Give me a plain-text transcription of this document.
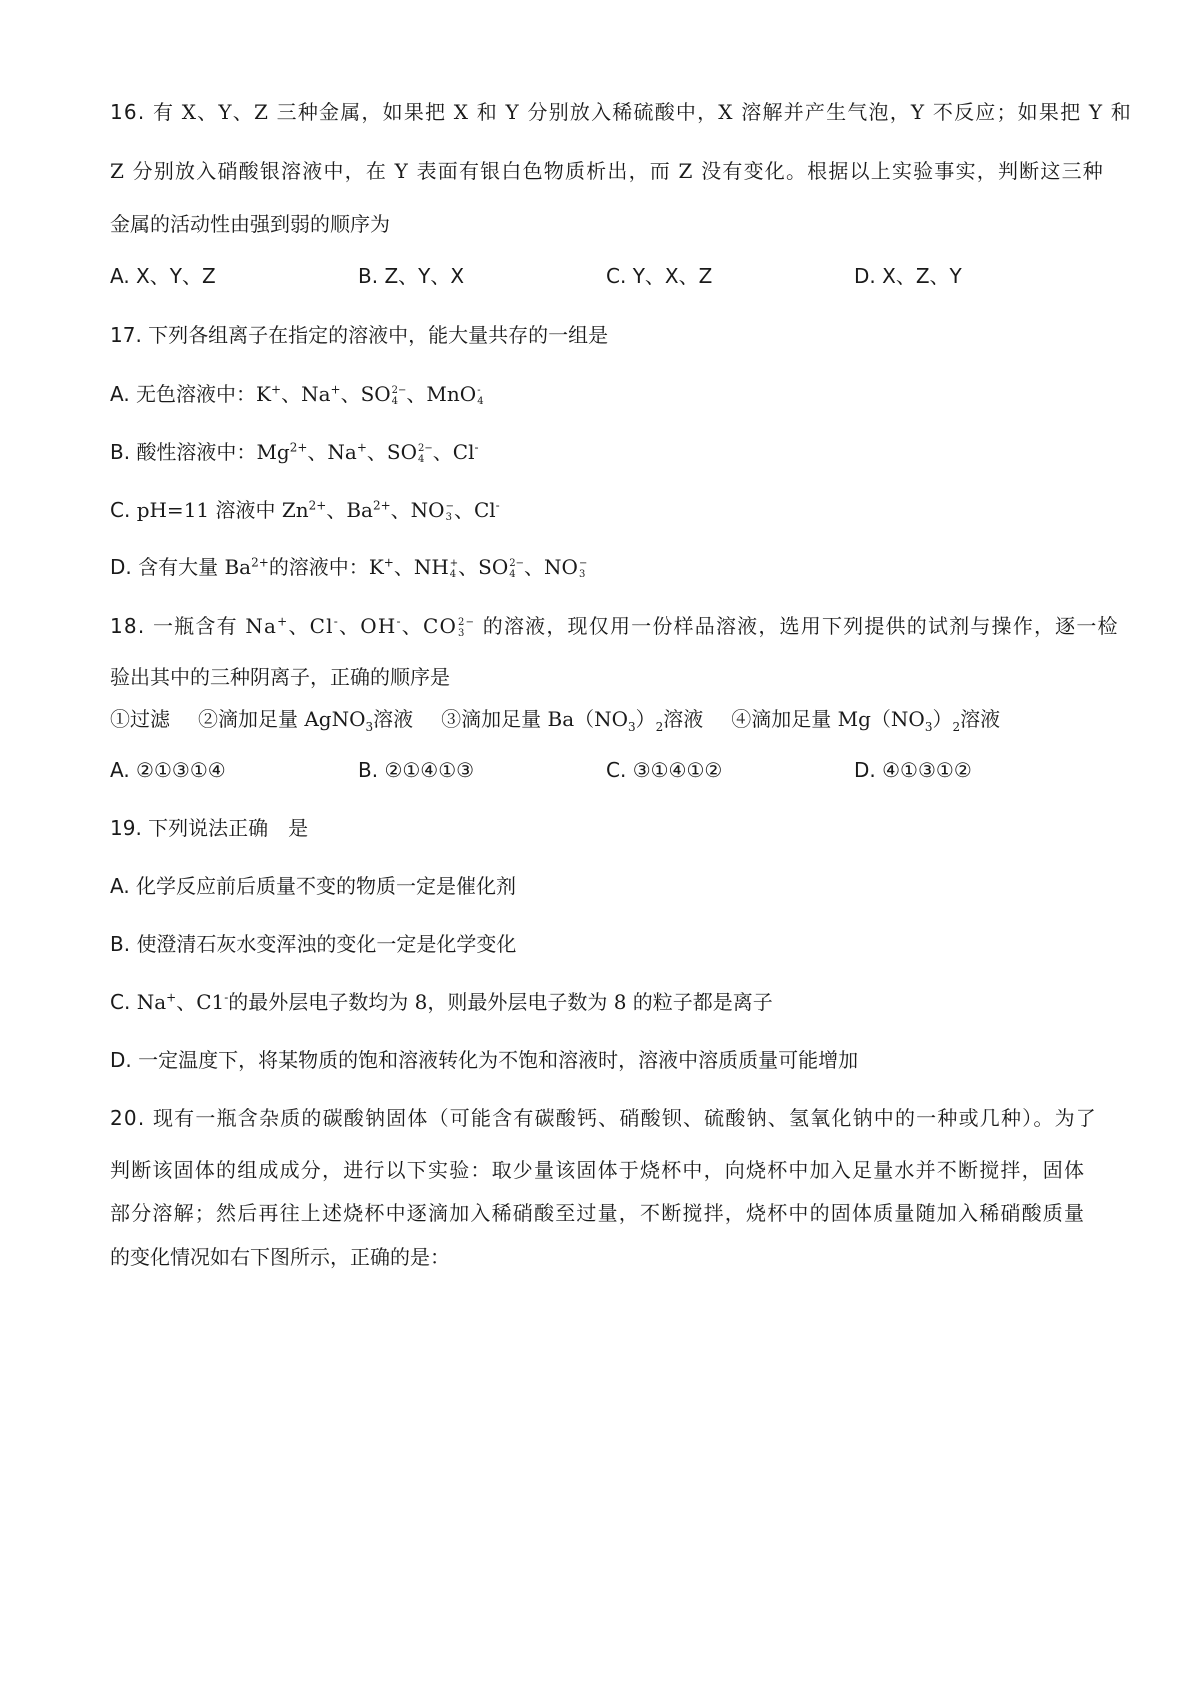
16. 有 X、Y、Z 三种金属，如果把 X 和 Y 分别放入稀硫酸中，X 溶解并产生气泡，Y 不反应；如果把 Y 和
Z 分别放入硝酸银溶液中，在 Y 表面有银白色物质析出，而 Z 没有变化。根据以上实验事实，判断这三种
金属的活动性由强到弱的顺序为
A. X、Y、Z	B. Z、Y、X	C. Y、X、Z	D. X、Z、Y
17. 下列各组离子在指定的溶液中，能大量共存的一组是
A. 无色溶液中：K+、Na+、SO 2−
4 、MnO -
4
B. 酸性溶液中：$Mg^{2+}$、Na+、SO 2−
4 、Cl-
C. pH=11 溶液中 $Zn^{2+}$、$Ba^{2+}$、NO −
3 、Cl-
D. 含有大量 $Ba^{2+}$的溶液中：K+、NH +
4 、SO 2−
4 、NO −
3
18. 一瓶含有 Na+、Cl-、OH-、CO 2−
3 的溶液，现仅用一份样品溶液，选用下列提供的试剂与操作，逐一检
验出其中的三种阴离子，正确的顺序是
①过滤 ②滴加足量 AgNO$_3$溶液 ③滴加足量 $Ba(NO_3)_2$溶液 ④滴加足量 $Mg(NO_3)_2$溶液
A. ②①③①④	B. ②①④①③	C. ③①④①②	D. ④①③①②
19. 下列说法正确　是
A. 化学反应前后质量不变的物质一定是催化剂
B. 使澄清石灰水变浑浊的变化一定是化学变化
C. Na+、C1-的最外层电子数均为 8，则最外层电子数为 8 的粒子都是离子
D. 一定温度下，将某物质的饱和溶液转化为不饱和溶液时，溶液中溶质质量可能增加
20. 现有一瓶含杂质的碳酸钠固体（可能含有碳酸钙、硝酸钡、硫酸钠、氢氧化钠中的一种或几种）。为了
判断该固体的组成成分，进行以下实验：取少量该固体于烧杯中，向烧杯中加入足量水并不断搅拌，固体
部分溶解；然后再往上述烧杯中逐滴加入稀硝酸至过量，不断搅拌，烧杯中的固体质量随加入稀硝酸质量
的变化情况如右下图所示，正确的是：
